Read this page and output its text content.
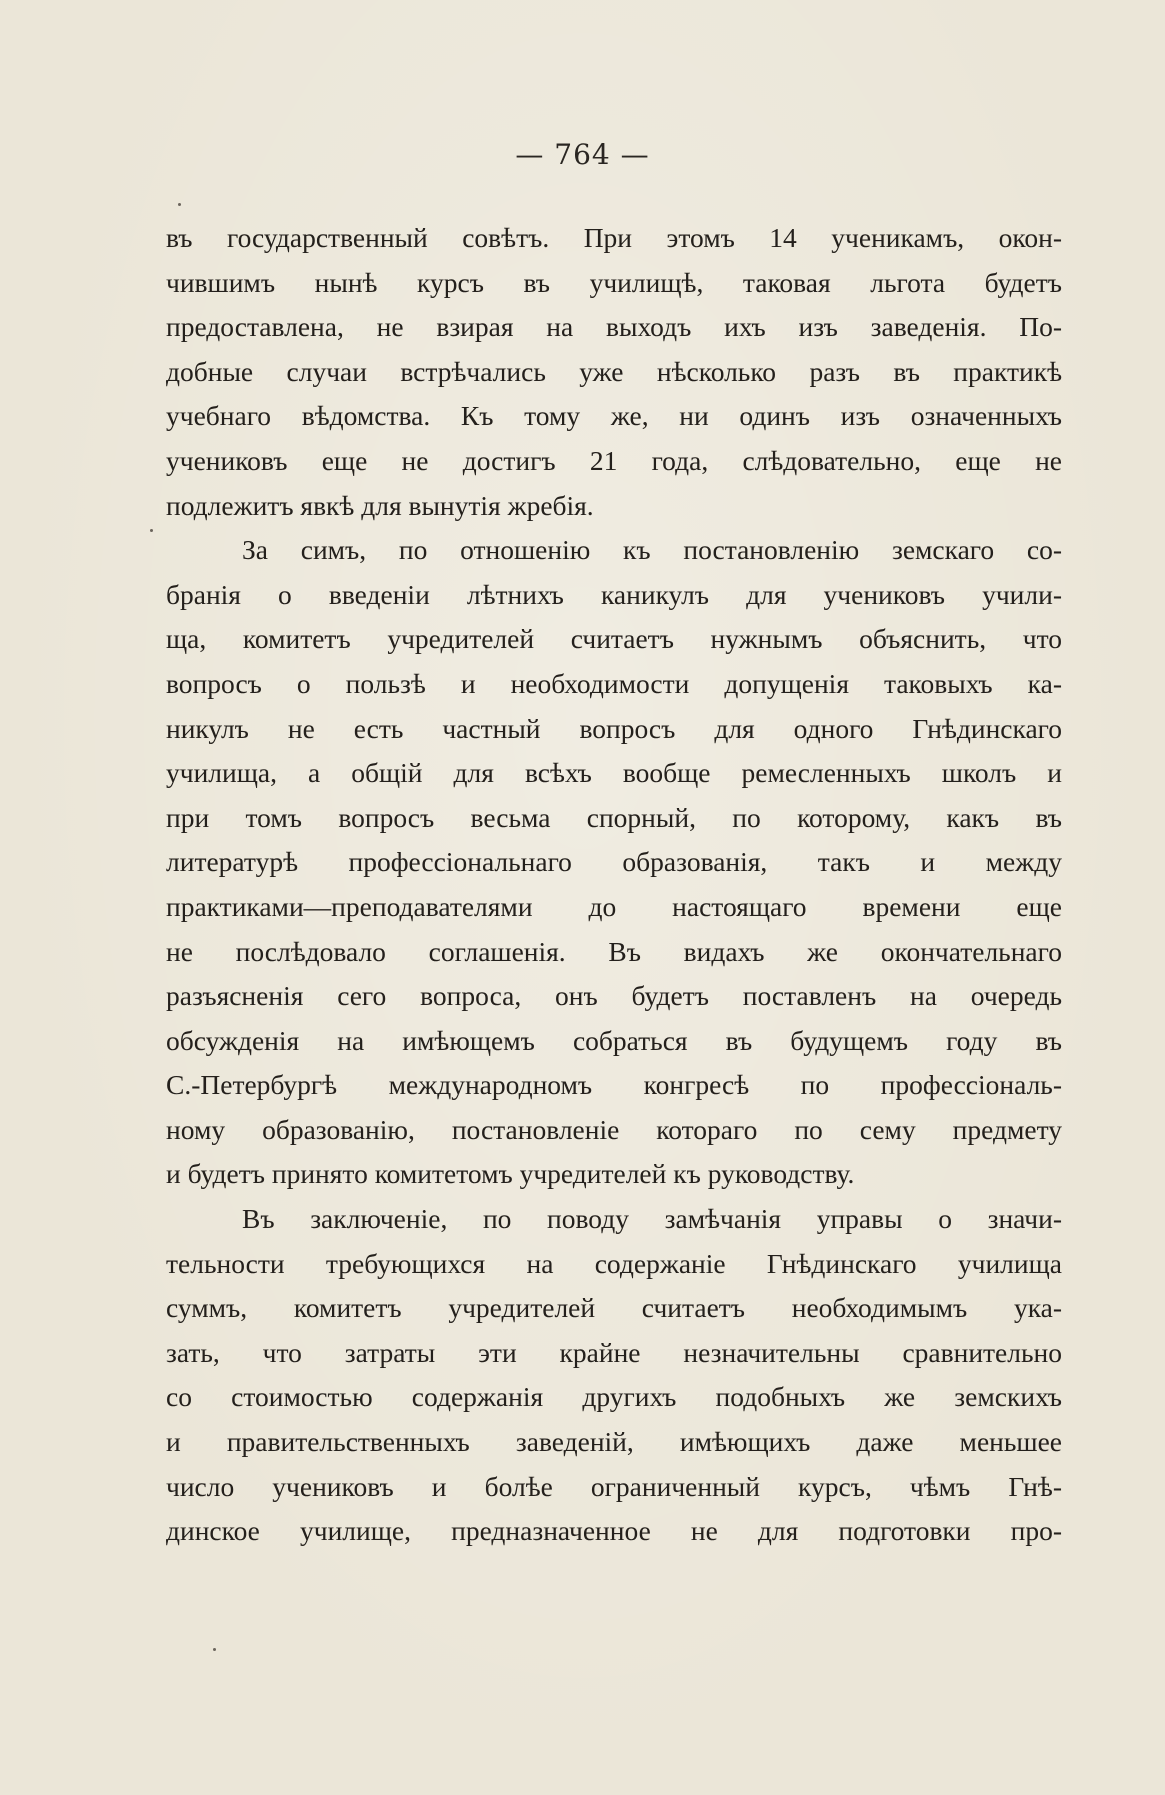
— 764 —
въ государственный совѣтъ. При этомъ 14 ученикамъ, окон-
чившимъ нынѣ курсъ въ училищѣ, таковая льгота будетъ
предоставлена, не взирая на выходъ ихъ изъ заведенія. По-
добные случаи встрѣчались уже нѣсколько разъ въ практикѣ
учебнаго вѣдомства. Къ тому же, ни одинъ изъ означенныхъ
учениковъ еще не достигъ 21 года, слѣдовательно, еще не
подлежитъ явкѣ для вынутія жребія.
За симъ, по отношенію къ постановленію земскаго со-
бранія о введеніи лѣтнихъ каникулъ для учениковъ учили-
ща, комитетъ учредителей считаетъ нужнымъ объяснить, что
вопросъ о пользѣ и необходимости допущенія таковыхъ ка-
никулъ не есть частный вопросъ для одного Гнѣдинскаго
училища, а общій для всѣхъ вообще ремесленныхъ школъ и
при томъ вопросъ весьма спорный, по которому, какъ въ
литературѣ профессіональнаго образованія, такъ и между
практиками—преподавателями до настоящаго времени еще
не послѣдовало соглашенія. Въ видахъ же окончательнаго
разъясненія сего вопроса, онъ будетъ поставленъ на очередь
обсужденія на имѣющемъ собраться въ будущемъ году въ
С.-Петербургѣ международномъ конгресѣ по профессіональ-
ному образованію, постановленіе котораго по сему предмету
и будетъ принято комитетомъ учредителей къ руководству.
Въ заключеніе, по поводу замѣчанія управы о значи-
тельности требующихся на содержаніе Гнѣдинскаго училища
суммъ, комитетъ учредителей считаетъ необходимымъ ука-
зать, что затраты эти крайне незначительны сравнительно
со стоимостью содержанія другихъ подобныхъ же земскихъ
и правительственныхъ заведеній, имѣющихъ даже меньшее
число учениковъ и болѣе ограниченный курсъ, чѣмъ Гнѣ-
динское училище, предназначенное не для подготовки про-
